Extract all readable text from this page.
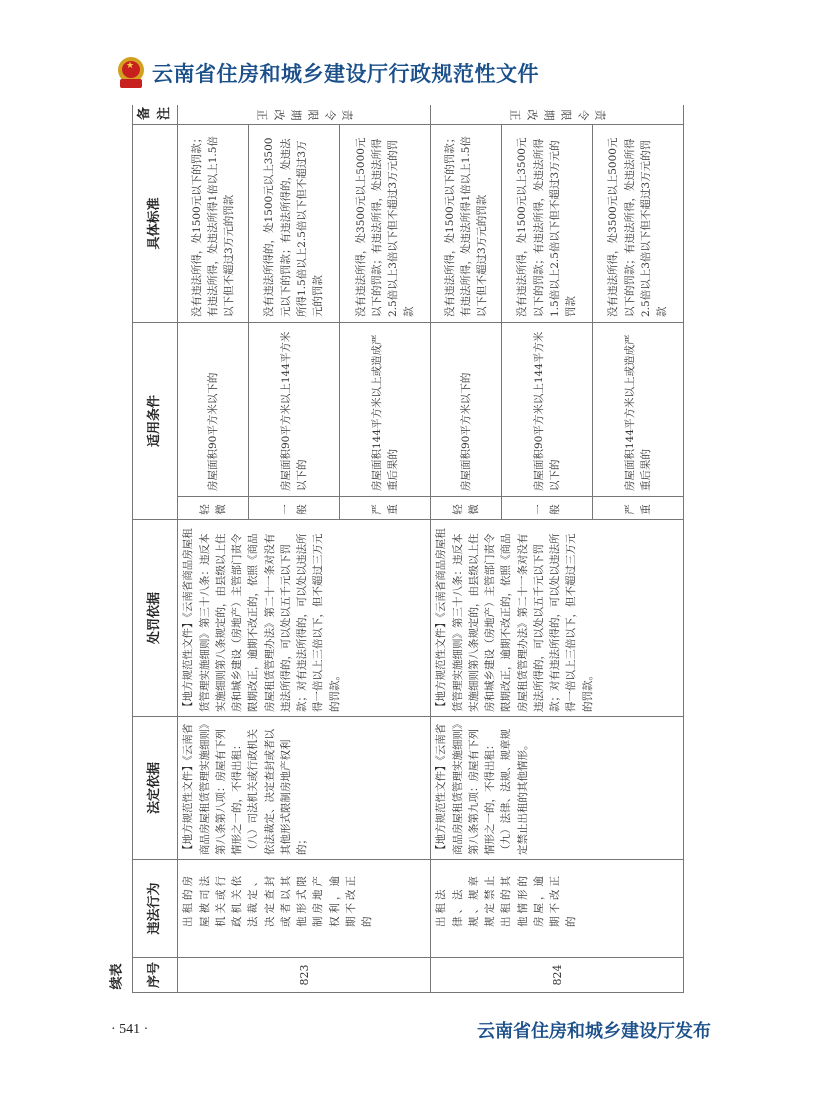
★ 云南省住房和城乡建设厅行政规范性文件
续表 序号	违法行为	法定依据	处罚依据	适用条件		具体标准	备注
823	出租的房屋被司法机关或行政机关依法裁定、决定查封或者以其他形式限制房地产权利，逾期不改正的	【地方规范性文件】《云南省商品房屋租赁管理实施细则》第八条第八项：房屋有下列情形之一的，不得出租：（八）司法机关或行政机关依法裁定、决定查封或者以其他形式限制房地产权利的；	【地方规范性文件】《云南省商品房屋租赁管理实施细则》第三十八条：违反本实施细则第八条规定的，由县级以上住房和城乡建设（房地产）主管部门责令限期改正，逾期不改正的，依照《商品房屋租赁管理办法》第二十一条对没有违法所得的，可以处以五千元以下罚款；对有违法所得的，可以处以违法所得一倍以上三倍以下，但不超过三万元的罚款。	轻微	房屋面积90平方米以下的	没有违法所得，处1500元以下的罚款；有违法所得，处违法所得1倍以上1.5倍以下但不超过3万元的罚款	责令限期改正
				一般	房屋面积90平方米以上144平方米以下的	没有违法所得的，处1500元以上3500元以下的罚款；有违法所得的，处违法所得1.5倍以上2.5倍以下但不超过3万元的罚款	
				严重	房屋面积144平方米以上或造成严重后果的	没有违法所得，处3500元以上5000元以下的罚款；有违法所得，处违法所得2.5倍以上3倍以下但不超过3万元的罚款	
824	出租法律、法规、规章规定禁止出租的其他情形的房屋，逾期不改正的	【地方规范性文件】《云南省商品房屋租赁管理实施细则》第八条第九项：房屋有下列情形之一的，不得出租：（九）法律、法规、规章规定禁止出租的其他情形。	【地方规范性文件】《云南省商品房屋租赁管理实施细则》第三十八条：违反本实施细则第八条规定的，由县级以上住房和城乡建设（房地产）主管部门责令限期改正，逾期不改正的，依照《商品房屋租赁管理办法》第二十一条对没有违法所得的，可以处以五千元以下罚款；对有违法所得的，可以处以违法所得一倍以上三倍以下，但不超过三万元的罚款。	轻微	房屋面积90平方米以下的	没有违法所得，处1500元以下的罚款；有违法所得，处违法所得1倍以上1.5倍以下但不超过3万元的罚款	责令限期改正
				一般	房屋面积90平方米以上144平方米以下的	没有违法所得，处1500元以上3500元以下的罚款；有违法所得，处违法所得1.5倍以上2.5倍以下但不超过3万元的罚款	
				严重	房屋面积144平方米以上或造成严重后果的	没有违法所得，处3500元以上5000元以下的罚款；有违法所得，处违法所得2.5倍以上3倍以下但不超过3万元的罚款	
· 541 ·	云南省住房和城乡建设厅发布
